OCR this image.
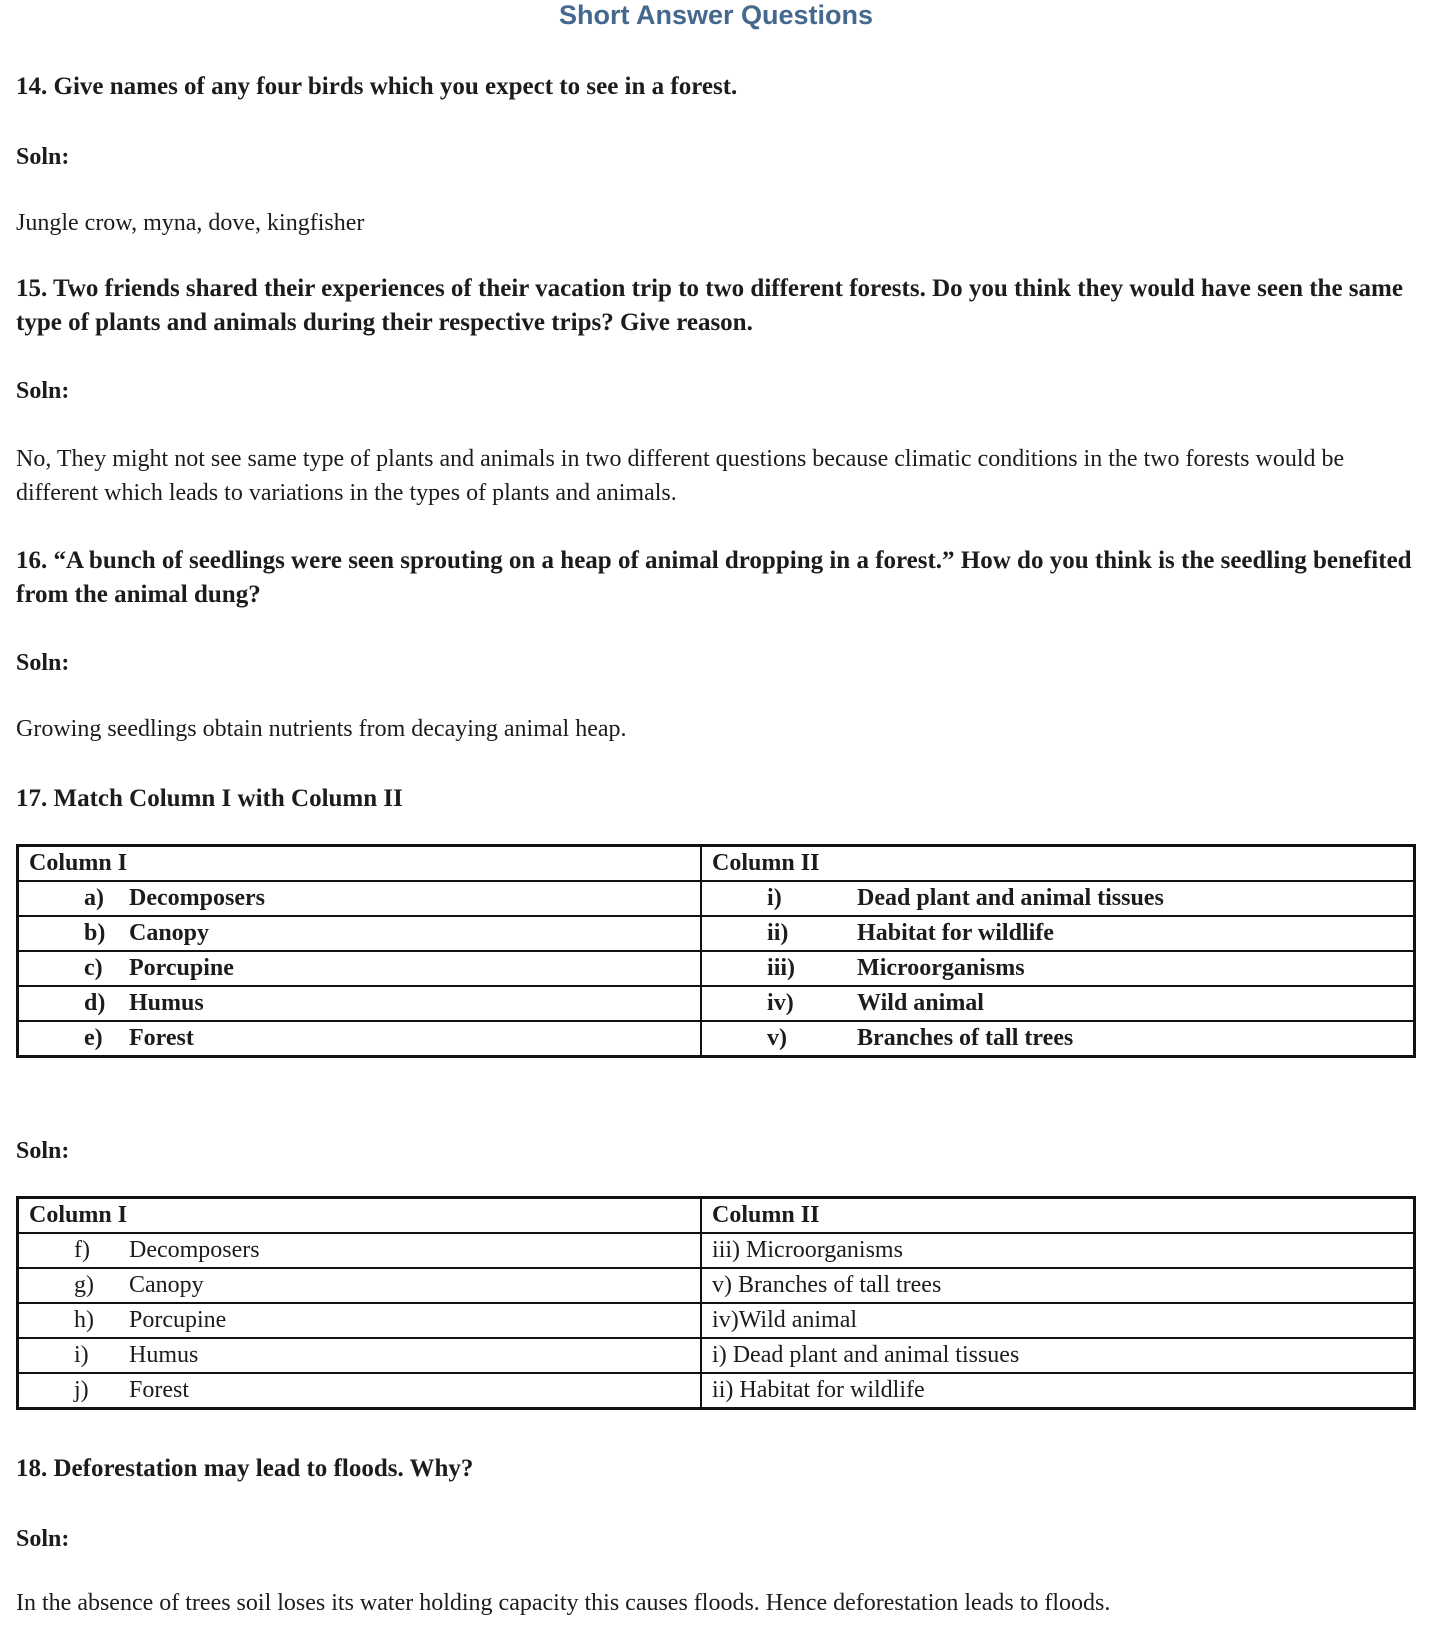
Short Answer Questions
14. Give names of any four birds which you expect to see in a forest.
Soln:
Jungle crow, myna, dove, kingfisher
15. Two friends shared their experiences of their vacation trip to two different forests. Do you think they would have seen the same type of plants and animals during their respective trips? Give reason.
Soln:
No, They might not see same type of plants and animals in two different questions because climatic conditions in the two forests would be different which leads to variations in the types of plants and animals.
16. “A bunch of seedlings were seen sprouting on a heap of animal dropping in a forest.” How do you think is the seedling benefited from the animal dung?
Soln:
Growing seedlings obtain nutrients from decaying animal heap.
17. Match Column I with Column II
Column I	Column II
a)	Decomposers	i)	Dead plant and animal tissues
b) Canopy	ii)	Habitat for wildlife
c)	Porcupine	iii)	Microorganisms
d) Humus	iv)	Wild animal
e)	Forest	v)	Branches of tall trees
Soln:
Column I	Column II
f)	Decomposers	iii) Microorganisms
g)	Canopy	v) Branches of tall trees
h)	Porcupine	iv)Wild animal
i)	Humus	i) Dead plant and animal tissues
j)	Forest	ii) Habitat for wildlife
18. Deforestation may lead to floods. Why?
Soln:
In the absence of trees soil loses its water holding capacity this causes floods. Hence deforestation leads to floods.
